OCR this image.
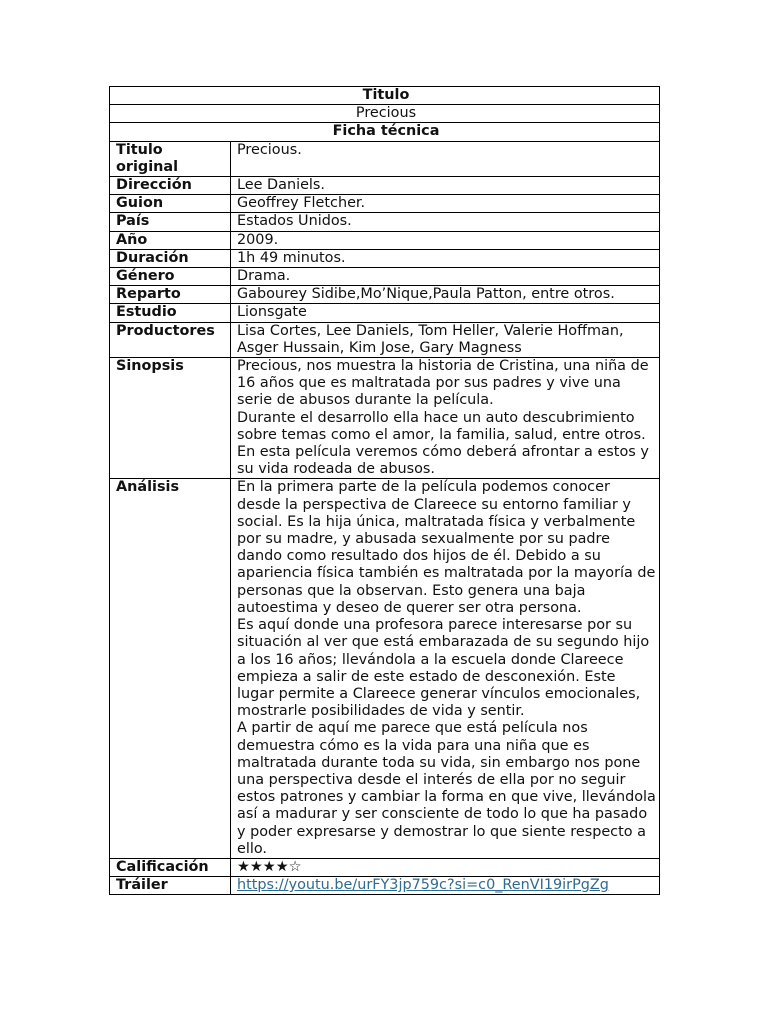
Titulo	
Precious	
Ficha técnica	
Titulo original	Precious.
Dirección	Lee Daniels.
Guion	Geoffrey Fletcher.
País	Estados Unidos.
Año	2009.
Duración	1h 49 minutos.
Género	Drama.
Reparto	Gabourey Sidibe,Mo’Nique,Paula Patton, entre otros.
Estudio	Lionsgate
Productores	Lisa Cortes, Lee Daniels, Tom Heller, Valerie Hoffman, Asger Hussain, Kim Jose, Gary Magness
Sinopsis	Precious, nos muestra la historia de Cristina, una niña de 16 años que es maltratada por sus padres y vive una serie de abusos durante la película.
Durante el desarrollo ella hace un auto descubrimiento sobre temas como el amor, la familia, salud, entre otros. En esta película veremos cómo deberá afrontar a estos y su vida rodeada de abusos.

Análisis	En la primera parte de la película podemos conocer desde la perspectiva de Clareece su entorno familiar y social. Es la hija única, maltratada física y verbalmente por su madre, y abusada sexualmente por su padre dando como resultado dos hijos de él. Debido a su apariencia física también es maltratada por la mayoría de personas que la observan. Esto genera una baja autoestima y deseo de querer ser otra persona.
Es aquí donde una profesora parece interesarse por su situación al ver que está embarazada de su segundo hijo a los 16 años; llevándola a la escuela donde Clareece empieza a salir de este estado de desconexión. Este lugar permite a Clareece generar vínculos emocionales, mostrarle posibilidades de vida y sentir.
A partir de aquí me parece que está película nos demuestra cómo es la vida para una niña que es maltratada durante toda su vida, sin embargo nos pone una perspectiva desde el interés de ella por no seguir estos patrones y cambiar la forma en que vive, llevándola así a madurar y ser consciente de todo lo que ha pasado y poder expresarse y demostrar lo que siente respecto a ello.

Calificación	★★★★☆
Tráiler	https://youtu.be/urFY3jp759c?si=c0_RenVI19irPgZg
